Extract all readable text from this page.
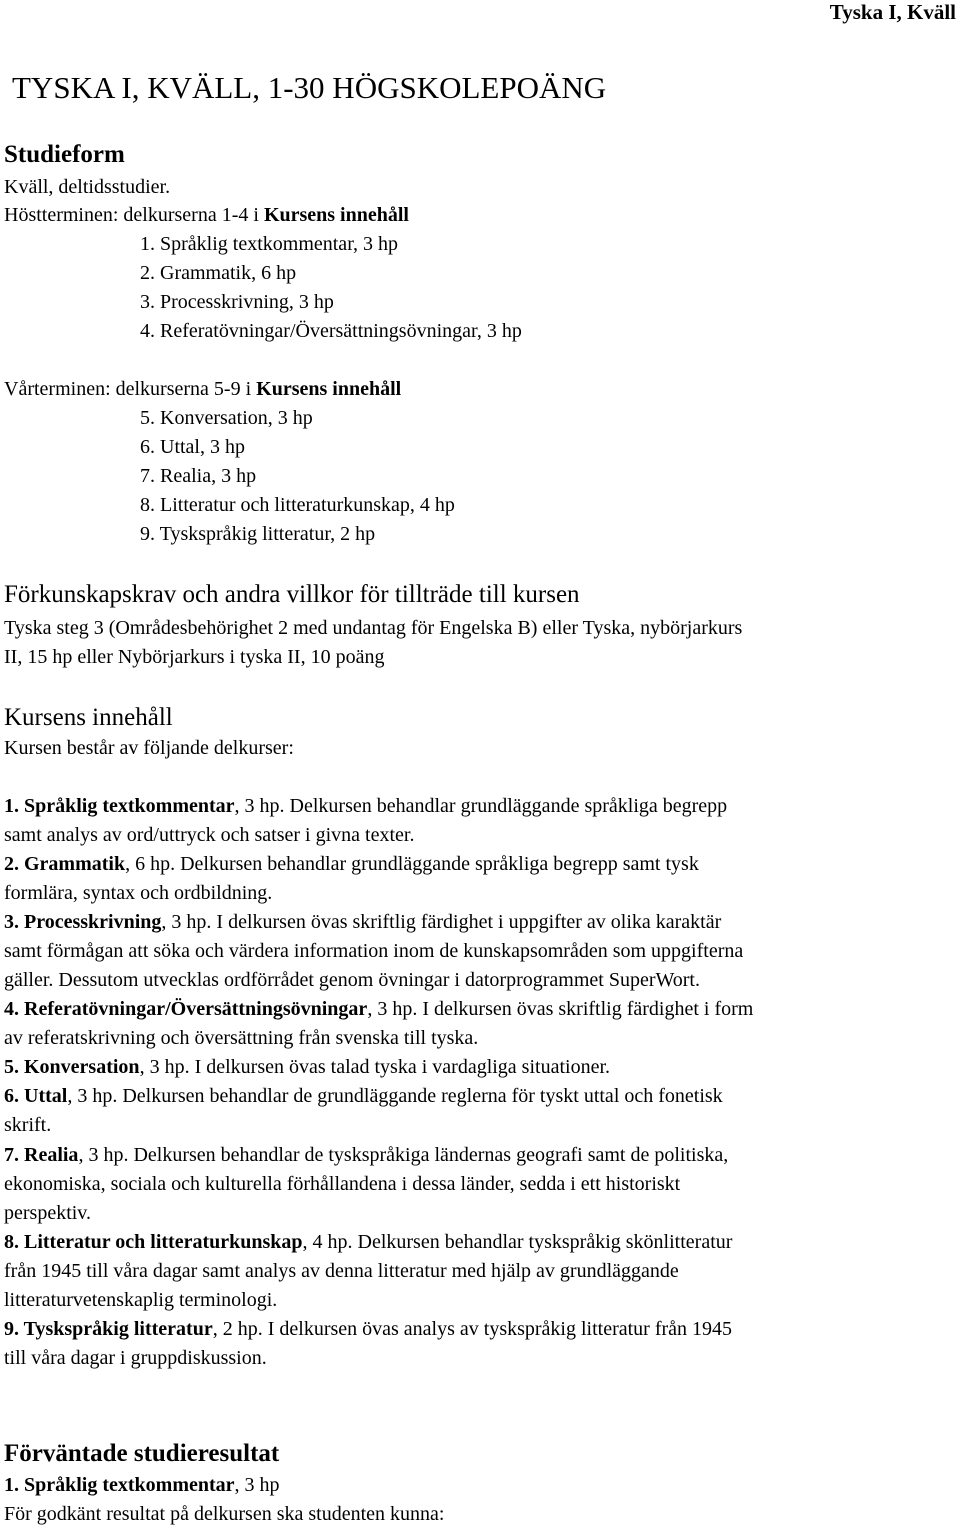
Tyska I, Kväll
TYSKA I, KVÄLL, 1-30 HÖGSKOLEPOÄNG
Studieform
Kväll, deltidsstudier.
Höstterminen: delkurserna 1-4 i Kursens innehåll
1. Språklig textkommentar, 3 hp
2. Grammatik, 6 hp
3. Processkrivning, 3 hp
4. Referatövningar/Översättningsövningar, 3 hp
Vårterminen: delkurserna 5-9 i Kursens innehåll
5. Konversation, 3 hp
6. Uttal, 3 hp
7. Realia, 3 hp
8. Litteratur och litteraturkunskap, 4 hp
9. Tyskspråkig litteratur, 2 hp
Förkunskapskrav och andra villkor för tillträde till kursen
Tyska steg 3 (Områdesbehörighet 2 med undantag för Engelska B) eller Tyska, nybörjarkurs
II, 15 hp eller Nybörjarkurs i tyska II, 10 poäng
Kursens innehåll
Kursen består av följande delkurser:
1. Språklig textkommentar, 3 hp. Delkursen behandlar grundläggande språkliga begrepp
samt analys av ord/uttryck och satser i givna texter.
2. Grammatik, 6 hp. Delkursen behandlar grundläggande språkliga begrepp samt tysk
formlära, syntax och ordbildning.
3. Processkrivning, 3 hp. I delkursen övas skriftlig färdighet i uppgifter av olika karaktär
samt förmågan att söka och värdera information inom de kunskapsområden som uppgifterna
gäller. Dessutom utvecklas ordförrådet genom övningar i datorprogrammet SuperWort.
4. Referatövningar/Översättningsövningar, 3 hp. I delkursen övas skriftlig färdighet i form
av referatskrivning och översättning från svenska till tyska.
5. Konversation, 3 hp. I delkursen övas talad tyska i vardagliga situationer.
6. Uttal, 3 hp. Delkursen behandlar de grundläggande reglerna för tyskt uttal och fonetisk
skrift.
7. Realia, 3 hp. Delkursen behandlar de tyskspråkiga ländernas geografi samt de politiska,
ekonomiska, sociala och kulturella förhållandena i dessa länder, sedda i ett historiskt
perspektiv.
8. Litteratur och litteraturkunskap, 4 hp. Delkursen behandlar tyskspråkig skönlitteratur
från 1945 till våra dagar samt analys av denna litteratur med hjälp av grundläggande
litteraturvetenskaplig terminologi.
9. Tyskspråkig litteratur, 2 hp. I delkursen övas analys av tyskspråkig litteratur från 1945
till våra dagar i gruppdiskussion.
Förväntade studieresultat
1. Språklig textkommentar, 3 hp
För godkänt resultat på delkursen ska studenten kunna:
